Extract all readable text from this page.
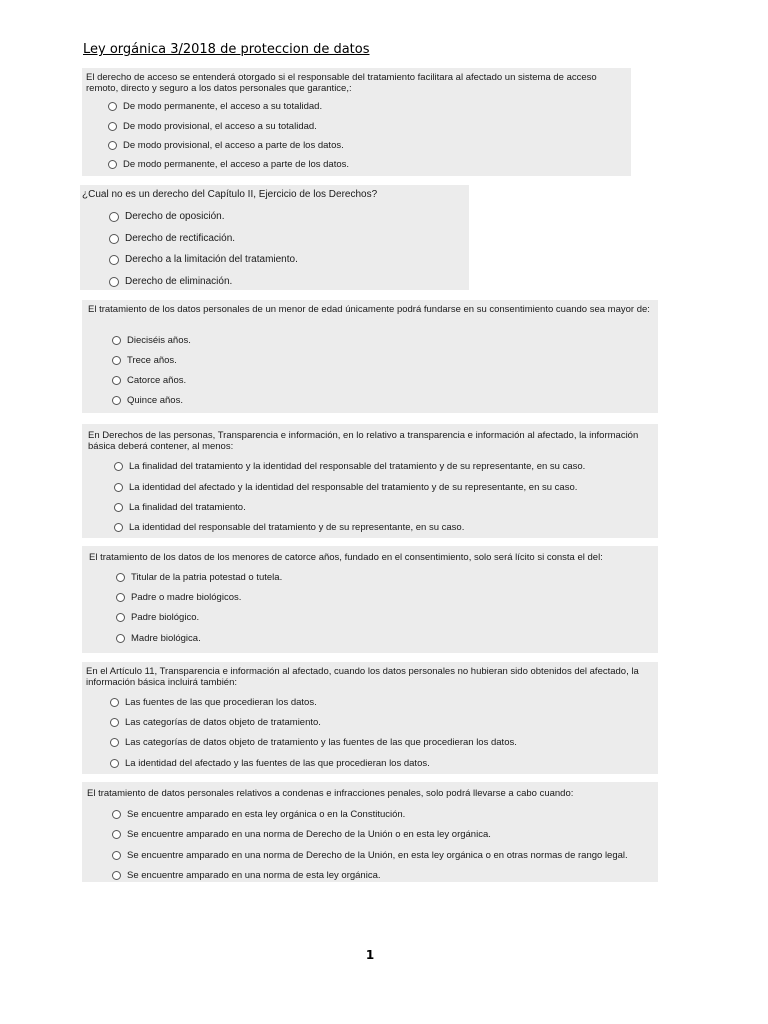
Ley orgánica 3/2018 de proteccion de datos

El derecho de acceso se entenderá otorgado si el responsable del tratamiento facilitara al afectado un sistema de acceso remoto, directo y seguro a los datos personales que garantice,:

De modo permanente, el acceso a su totalidad.
De modo provisional, el acceso a su totalidad.
De modo provisional, el acceso a parte de los datos.
De modo permanente, el acceso a parte de los datos.

¿Cual no es un derecho del Capítulo II, Ejercicio de los Derechos?

Derecho de oposición.
Derecho de rectificación.
Derecho a la limitación del tratamiento.
Derecho de eliminación.

El tratamiento de los datos personales de un menor de edad únicamente podrá fundarse en su consentimiento cuando sea mayor de:

Dieciséis años.
Trece años.
Catorce años.
Quince años.

En Derechos de las personas, Transparencia e información, en lo relativo a transparencia e información al afectado, la información básica deberá contener, al menos:

La finalidad del tratamiento y la identidad del responsable del tratamiento y de su representante, en su caso.
La identidad del afectado y la identidad del responsable del tratamiento y de su representante, en su caso.
La finalidad del tratamiento.
La identidad del responsable del tratamiento y de su representante, en su caso.

El tratamiento de los datos de los menores de catorce años, fundado en el consentimiento, solo será lícito si consta el del:

Titular de la patria potestad o tutela.
Padre o madre biológicos.
Padre biológico.
Madre biológica.

En el Artículo 11, Transparencia e información al afectado, cuando los datos personales no hubieran sido obtenidos del afectado, la información básica incluirá también:

Las fuentes de las que procedieran los datos.
Las categorías de datos objeto de tratamiento.
Las categorías de datos objeto de tratamiento y las fuentes de las que procedieran los datos.
La identidad del afectado y las fuentes de las que procedieran los datos.

El tratamiento de datos personales relativos a condenas e infracciones penales, solo podrá llevarse a cabo cuando:

Se encuentre amparado en esta ley orgánica o en la Constitución.
Se encuentre amparado en una norma de Derecho de la Unión o en esta ley orgánica.
Se encuentre amparado en una norma de Derecho de la Unión, en esta ley orgánica o en otras normas de rango legal.
Se encuentre amparado en una norma de esta ley orgánica.
1
